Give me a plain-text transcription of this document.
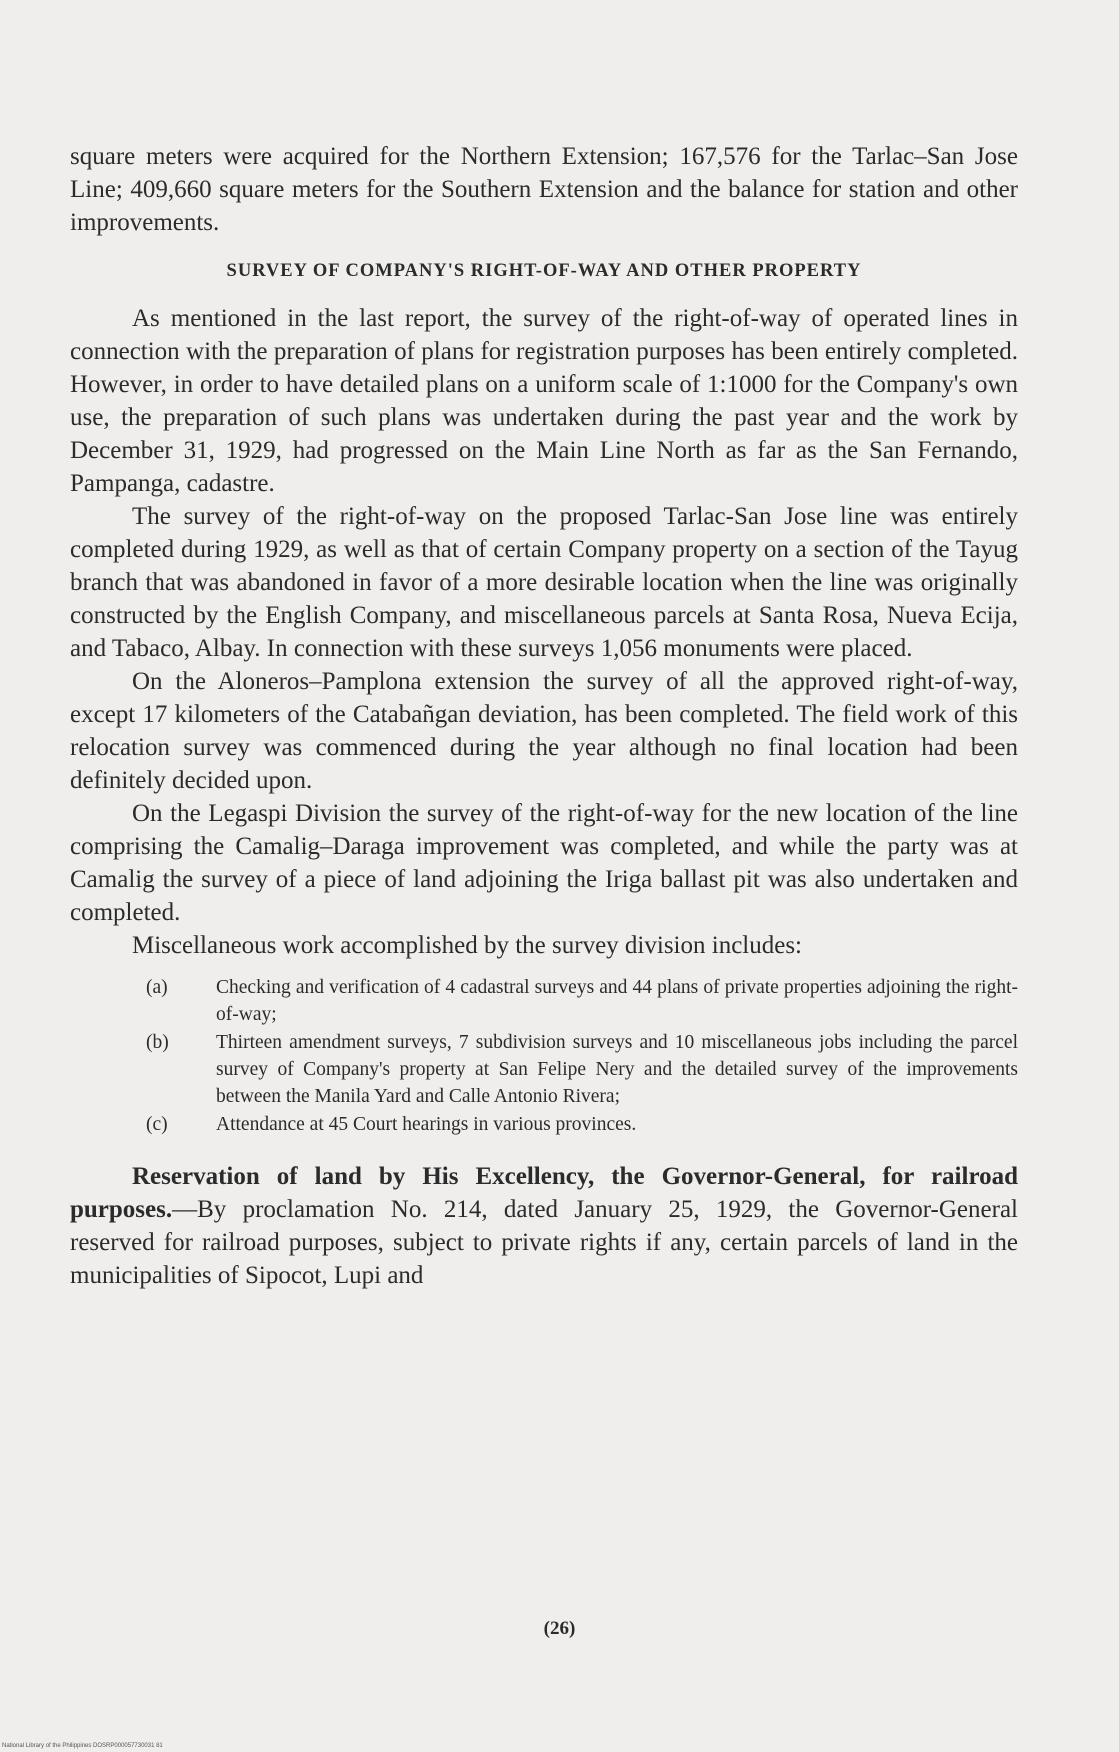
square meters were acquired for the Northern Extension; 167,576 for the Tarlac–San Jose Line; 409,660 square meters for the Southern Extension and the balance for station and other improvements.

SURVEY OF COMPANY'S RIGHT-OF-WAY AND OTHER PROPERTY

As mentioned in the last report, the survey of the right-of-way of operated lines in connection with the preparation of plans for registration purposes has been entirely completed. However, in order to have detailed plans on a uniform scale of 1:1000 for the Company's own use, the preparation of such plans was undertaken during the past year and the work by December 31, 1929, had progressed on the Main Line North as far as the San Fernando, Pampanga, cadastre.

The survey of the right-of-way on the proposed Tarlac-San Jose line was entirely completed during 1929, as well as that of certain Company property on a section of the Tayug branch that was abandoned in favor of a more desirable location when the line was originally constructed by the English Company, and miscellaneous parcels at Santa Rosa, Nueva Ecija, and Tabaco, Albay. In connection with these surveys 1,056 monuments were placed.

On the Aloneros–Pamplona extension the survey of all the approved right-of-way, except 17 kilometers of the Catabañgan deviation, has been completed. The field work of this relocation survey was commenced during the year although no final location had been definitely decided upon.

On the Legaspi Division the survey of the right-of-way for the new location of the line comprising the Camalig–Daraga improvement was completed, and while the party was at Camalig the survey of a piece of land adjoining the Iriga ballast pit was also undertaken and completed.

Miscellaneous work accomplished by the survey division includes:

(a) Checking and verification of 4 cadastral surveys and 44 plans of private properties adjoining the right-of-way;
(b) Thirteen amendment surveys, 7 subdivision surveys and 10 miscellaneous jobs including the parcel survey of Company's property at San Felipe Nery and the detailed survey of the improvements between the Manila Yard and Calle Antonio Rivera;
(c) Attendance at 45 Court hearings in various provinces.

Reservation of land by His Excellency, the Governor-General, for railroad purposes.—By proclamation No. 214, dated January 25, 1929, the Governor-General reserved for railroad purposes, subject to private rights if any, certain parcels of land in the municipalities of Sipocot, Lupi and

(26)
National Library of the Philippines DOSRP000057730031 81
